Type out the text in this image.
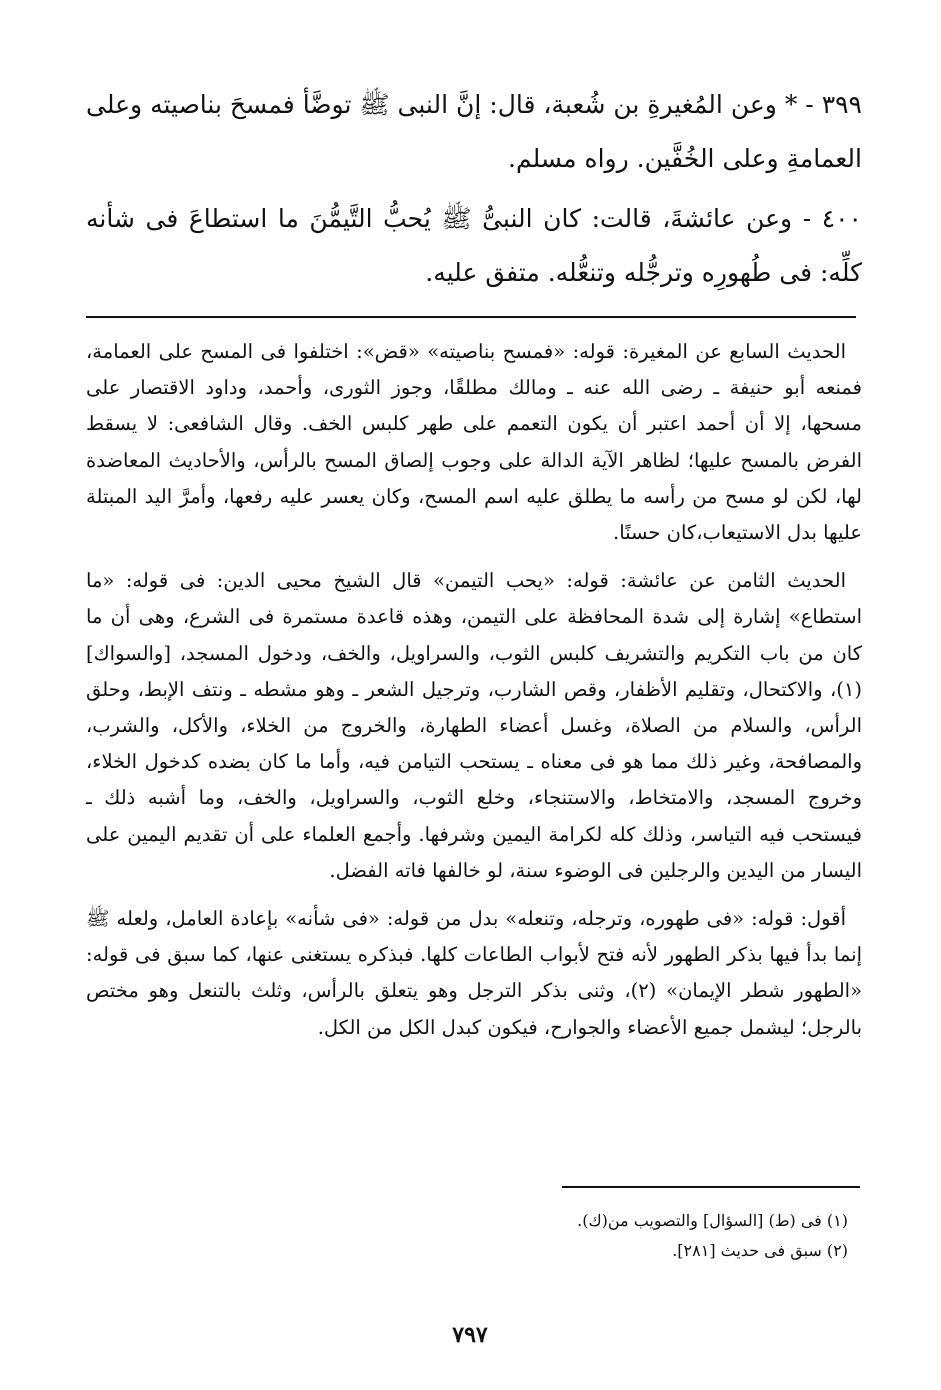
٣٩٩ - * وعن المُغيرةِ بن شُعبة، قال: إنَّ النبى ﷺ توضَّأ فمسحَ بناصيته وعلى العمامةِ وعلى الخُفَّين. رواه مسلم.

٤٠٠ - وعن عائشةَ، قالت: كان النبىُّ ﷺ يُحبُّ التَّيمُّنَ ما استطاعَ فى شأنه كلِّه: فى طُهورِه وترجُّله وتنعُّله. متفق عليه.

الحديث السابع عن المغيرة: قوله: «فمسح بناصيته» «قض»: اختلفوا فى المسح على العمامة، فمنعه أبو حنيفة ـ رضى الله عنه ـ ومالك مطلقًا، وجوز الثورى، وأحمد، وداود الاقتصار على مسحها، إلا أن أحمد اعتبر أن يكون التعمم على طهر كلبس الخف. وقال الشافعى: لا يسقط الفرض بالمسح عليها؛ لظاهر الآية الدالة على وجوب إلصاق المسح بالرأس، والأحاديث المعاضدة لها، لكن لو مسح من رأسه ما يطلق عليه اسم المسح، وكان يعسر عليه رفعها، وأمرَّ اليد المبتلة عليها بدل الاستيعاب،كان حسنًا.

الحديث الثامن عن عائشة: قوله: «يحب التيمن» قال الشيخ محيى الدين: فى قوله: «ما استطاع» إشارة إلى شدة المحافظة على التيمن، وهذه قاعدة مستمرة فى الشرع، وهى أن ما كان من باب التكريم والتشريف كلبس الثوب، والسراويل، والخف، ودخول المسجد، [والسواك](١)، والاكتحال، وتقليم الأظفار، وقص الشارب، وترجيل الشعر ـ وهو مشطه ـ ونتف الإبط، وحلق الرأس، والسلام من الصلاة، وغسل أعضاء الطهارة، والخروج من الخلاء، والأكل، والشرب، والمصافحة، وغير ذلك مما هو فى معناه ـ يستحب التيامن فيه، وأما ما كان بضده كدخول الخلاء، وخروج المسجد، والامتخاط، والاستنجاء، وخلع الثوب، والسراويل، والخف، وما أشبه ذلك ـ فيستحب فيه التياسر، وذلك كله لكرامة اليمين وشرفها. وأجمع العلماء على أن تقديم اليمين على اليسار من اليدين والرجلين فى الوضوء سنة، لو خالفها فاته الفضل.

أقول: قوله: «فى طهوره، وترجله، وتنعله» بدل من قوله: «فى شأنه» بإعادة العامل، ولعله ﷺ إنما بدأ فيها بذكر الطهور لأنه فتح لأبواب الطاعات كلها. فبذكره يستغنى عنها، كما سبق فى قوله: «الطهور شطر الإيمان» (٢)، وثنى بذكر الترجل وهو يتعلق بالرأس، وثلث بالتنعل وهو مختص بالرجل؛ ليشمل جميع الأعضاء والجوارح، فيكون كبدل الكل من الكل.

(١) فى (ط) [السؤال] والتصويب من(ك).
(٢) سبق فى حديث [٢٨١].
٧٩٧
